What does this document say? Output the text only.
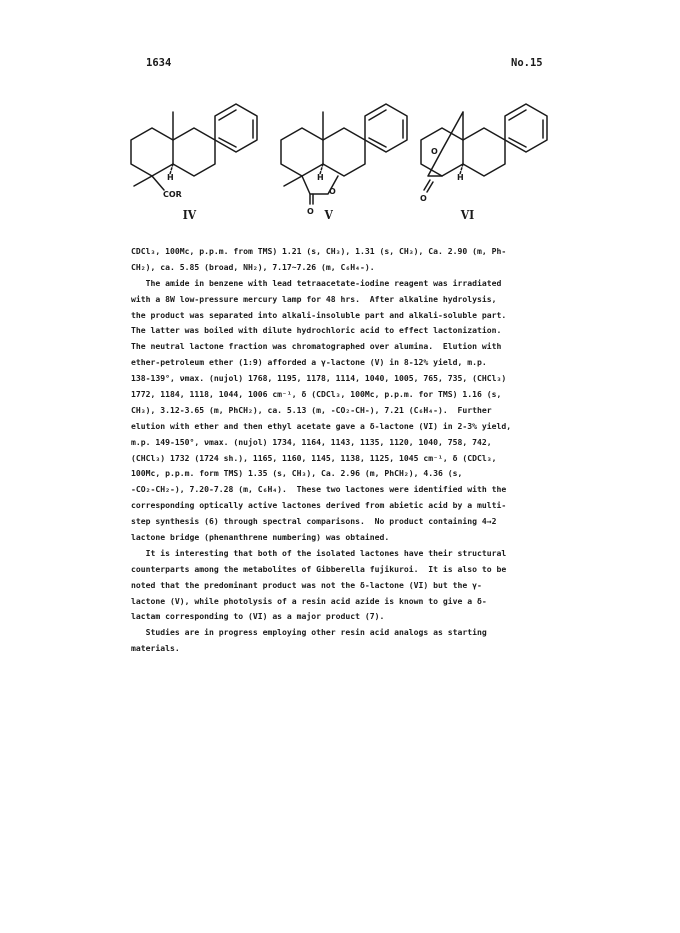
1634	No.15
H
COR
H
O
O
O
H
O
IV	V	VI
CDCl₃, 100Mc, p.p.m. from TMS) 1.21 (s, CH₃), 1.31 (s, CH₃), Ca. 2.90 (m, Ph-
CH₂), ca. 5.85 (broad, NH₂), 7.17~7.26 (m, C₆H₄-).
The amide in benzene with lead tetraacetate-iodine reagent was irradiated
with a 8W low-pressure mercury lamp for 48 hrs.  After alkaline hydrolysis,
the product was separated into alkali-insoluble part and alkali-soluble part.
The latter was boiled with dilute hydrochloric acid to effect lactonization.
The neutral lactone fraction was chromatographed over alumina.  Elution with
ether-petroleum ether (1:9) afforded a γ-lactone (V) in 8-12% yield, m.p.
138-139°, νmax. (nujol) 1768, 1195, 1178, 1114, 1040, 1005, 765, 735, (CHCl₃)
1772, 1184, 1118, 1044, 1006 cm⁻¹, δ (CDCl₃, 100Mc, p.p.m. for TMS) 1.16 (s,
CH₃), 3.12-3.65 (m, PhCH₂), ca. 5.13 (m, -CO₂-CH-), 7.21 (C₆H₄-).  Further
elution with ether and then ethyl acetate gave a δ-lactone (VI) in 2-3% yield,
m.p. 149-150°, νmax. (nujol) 1734, 1164, 1143, 1135, 1120, 1040, 758, 742,
(CHCl₃) 1732 (1724 sh.), 1165, 1160, 1145, 1138, 1125, 1045 cm⁻¹, δ (CDCl₃,
100Mc, p.p.m. form TMS) 1.35 (s, CH₃), Ca. 2.96 (m, PhCH₂), 4.36 (s,
-CO₂-CH₂-), 7.20-7.28 (m, C₆H₄).  These two lactones were identified with the
corresponding optically active lactones derived from abietic acid by a multi-
step synthesis (6) through spectral comparisons.  No product containing 4→2
lactone bridge (phenanthrene numbering) was obtained.
It is interesting that both of the isolated lactones have their structural
counterparts among the metabolites of Gibberella fujikuroi.  It is also to be
noted that the predominant product was not the δ-lactone (VI) but the γ-
lactone (V), while photolysis of a resin acid azide is known to give a δ-
lactam corresponding to (VI) as a major product (7).
Studies are in progress employing other resin acid analogs as starting
materials.
